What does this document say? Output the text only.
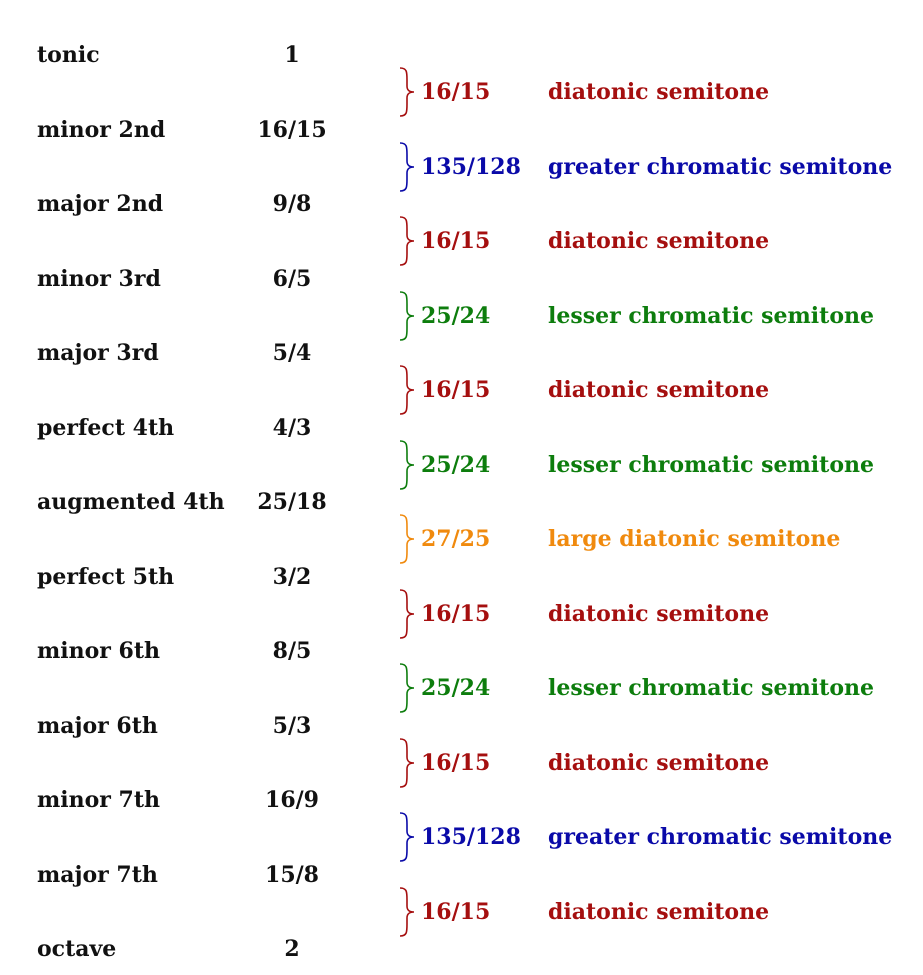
tonic	1
minor 2nd	16/15
major 2nd	9/8
minor 3rd	6/5
major 3rd	5/4
perfect 4th	4/3
augmented 4th	25/18
perfect 5th	3/2
minor 6th	8/5
major 6th	5/3
minor 7th	16/9
major 7th	15/8
octave	2
16/15	diatonic semitone
135/128 greater chromatic semitone
16/15	diatonic semitone
25/24	lesser chromatic semitone
16/15	diatonic semitone
25/24	lesser chromatic semitone
27/25	large diatonic semitone
16/15	diatonic semitone
25/24	lesser chromatic semitone
16/15	diatonic semitone
135/128 greater chromatic semitone
16/15	diatonic semitone
